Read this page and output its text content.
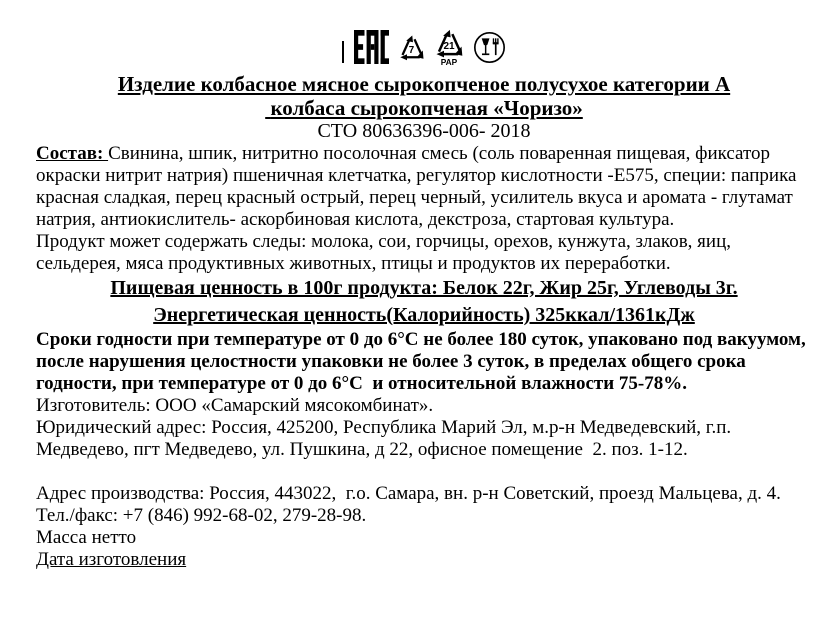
7 21
PAP
Изделие колбасное мясное сырокопченое полусухое категории А
колбаса сырокопченая «Чоризо»
СТО 80636396-006- 2018

Состав: Свинина, шпик, нитритно посолочная смесь (соль поваренная пищевая, фиксатор окраски нитрит натрия) пшеничная клетчатка, регулятор кислотности -Е575, специи: паприка красная сладкая, перец красный острый, перец черный, усилитель вкуса и аромата - глутамат натрия, антиокислитель- аскорбиновая кислота, декстроза, стартовая культура.

Продукт может содержать следы: молока, сои, горчицы, орехов, кунжута, злаков, яиц, сельдерея, мяса продуктивных животных, птицы и продуктов их переработки.

Пищевая ценность в 100г продукта: Белок 22г, Жир 25г, Углеводы 3г.
Энергетическая ценность(Калорийность) 325ккал/1361кДж

Сроки годности при температуре от 0 до 6°С не более 180 суток, упаковано под вакуумом, после нарушения целостности упаковки не более 3 суток, в пределах общего срока годности, при температуре от 0 до 6°С  и относительной влажности 75-78%.

Изготовитель: ООО «Самарский мясокомбинат».

Юридический адрес: Россия, 425200, Республика Марий Эл, м.р-н Медведевский, г.п. Медведево, пгт Медведево, ул. Пушкина, д 22, офисное помещение  2. поз. 1-12.

Адрес производства: Россия, 443022,  г.о. Самара, вн. р-н Советский, проезд Мальцева, д. 4.

Тел./факс: +7 (846) 992-68-02, 279-28-98.

Масса нетто

Дата изготовления
